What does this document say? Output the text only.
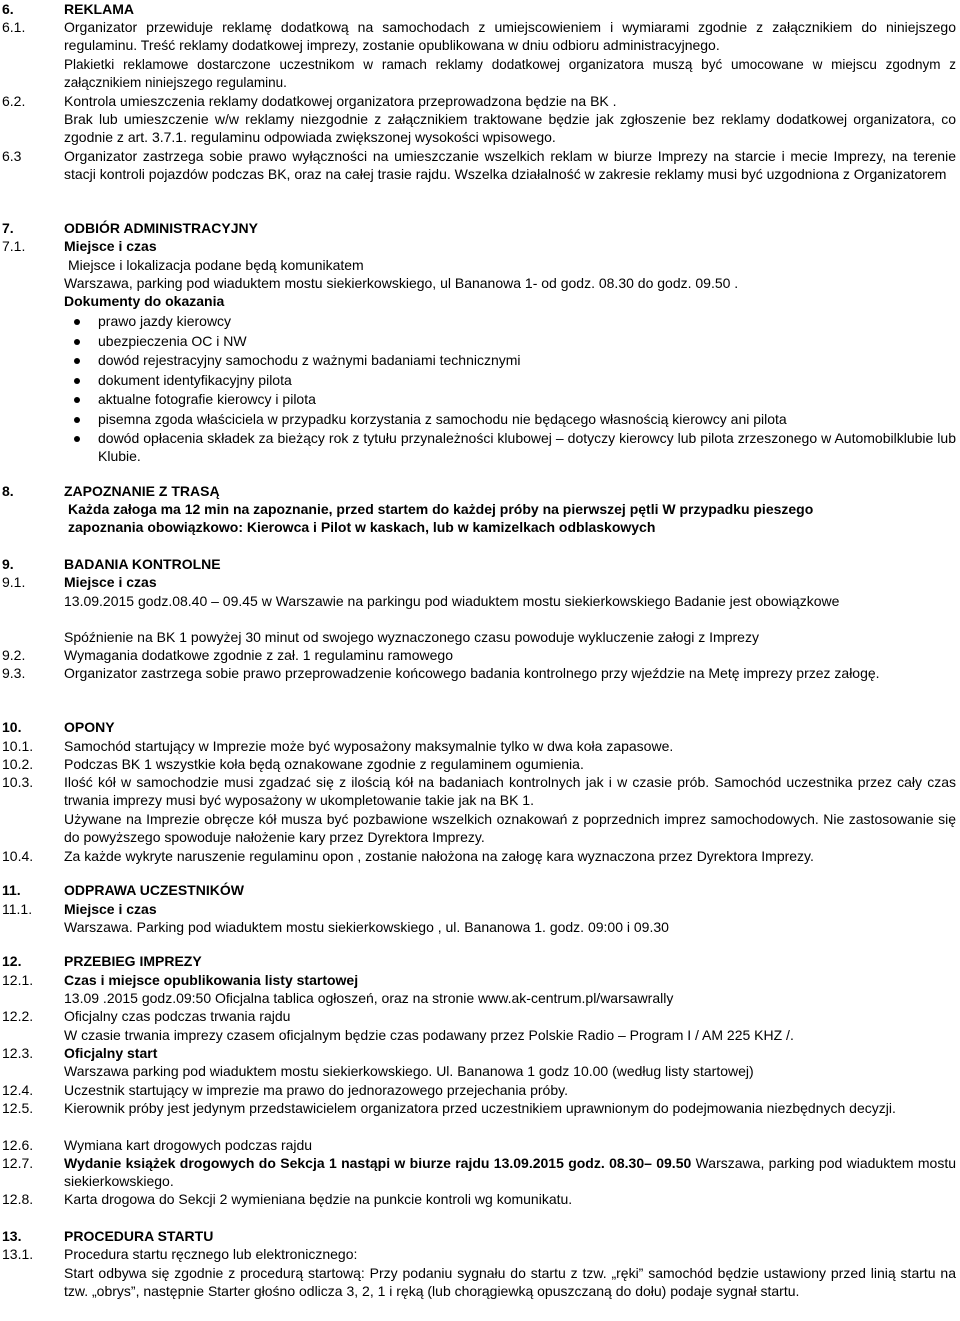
6.	REKLAMA
6.1.	Organizator przewiduje reklamę dodatkową na samochodach z umiejscowieniem i wymiarami zgodnie z załącznikiem do niniejszego regulaminu. Treść reklamy dodatkowej imprezy, zostanie opublikowana w dniu odbioru administracyjnego.
Plakietki reklamowe dostarczone uczestnikom w ramach reklamy dodatkowej organizatora muszą być umocowane w miejscu zgodnym z załącznikiem niniejszego regulaminu.
6.2.	Kontrola umieszczenia reklamy dodatkowej organizatora przeprowadzona będzie na BK .
Brak lub umieszczenie w/w reklamy niezgodnie z załącznikiem traktowane będzie jak zgłoszenie bez reklamy dodatkowej organizatora, co zgodnie z art. 3.7.1. regulaminu odpowiada zwiększonej wysokości wpisowego.
6.3	Organizator zastrzega sobie prawo wyłączności na umieszczanie wszelkich reklam w biurze Imprezy na starcie i mecie Imprezy, na terenie stacji kontroli pojazdów podczas BK, oraz na całej trasie rajdu. Wszelka działalność w zakresie reklamy musi być uzgodniona z Organizatorem
7.	ODBIÓR ADMINISTRACYJNY
7.1.	Miejsce i czas
Miejsce i lokalizacja podane będą komunikatem
Warszawa, parking pod wiaduktem mostu siekierkowskiego, ul Bananowa 1- od godz. 08.30 do godz. 09.50 .
Dokumenty do okazania
prawo jazdy kierowcy
ubezpieczenia OC i NW
dowód rejestracyjny samochodu z ważnymi badaniami technicznymi
dokument identyfikacyjny pilota
aktualne fotografie kierowcy i pilota
pisemna zgoda właściciela w przypadku korzystania z samochodu nie będącego własnością kierowcy ani pilota
dowód opłacenia składek za bieżący rok z tytułu przynależności klubowej – dotyczy kierowcy lub pilota zrzeszonego w Automobilklubie lub Klubie.
8.	ZAPOZNANIE Z TRASĄ
Każda załoga ma 12 min na zapoznanie, przed startem do każdej próby na pierwszej pętli W przypadku pieszego zapoznania obowiązkowo: Kierowca i Pilot w kaskach, lub w kamizelkach odblaskowych
9.	BADANIA KONTROLNE
9.1.	Miejsce i czas
13.09.2015 godz.08.40 – 09.45 w Warszawie na parkingu pod wiaduktem mostu siekierkowskiego Badanie jest obowiązkowe
Spóźnienie na BK 1 powyżej 30 minut od swojego wyznaczonego czasu powoduje wykluczenie załogi z Imprezy
9.2.	Wymagania dodatkowe zgodnie z zał. 1 regulaminu ramowego
9.3.	Organizator zastrzega sobie prawo przeprowadzenie końcowego badania kontrolnego przy wjeździe na Metę imprezy przez załogę.
10.	OPONY
10.1. Samochód startujący w Imprezie może być wyposażony maksymalnie tylko w dwa koła zapasowe.
10.2. Podczas BK 1 wszystkie koła będą oznakowane zgodnie z regulaminem ogumienia.
10.3. Ilość kół w samochodzie musi zgadzać się z ilością kół na badaniach kontrolnych jak i w czasie prób. Samochód uczestnika przez cały czas trwania imprezy musi być wyposażony w ukompletowanie takie jak na BK 1.
Używane na Imprezie obręcze kół musza być pozbawione wszelkich oznakowań z poprzednich imprez samochodowych. Nie zastosowanie się do powyższego spowoduje nałożenie kary przez Dyrektora Imprezy.
10.4. Za każde wykryte naruszenie regulaminu opon , zostanie nałożona na załogę kara wyznaczona przez Dyrektora Imprezy.
11.	ODPRAWA UCZESTNIKÓW
11.1. Miejsce i czas
Warszawa. Parking pod wiaduktem mostu siekierkowskiego , ul. Bananowa 1. godz. 09:00 i 09.30
12.	PRZEBIEG IMPREZY
12.1. Czas i miejsce opublikowania listy startowej
13.09 .2015 godz.09:50 Oficjalna tablica ogłoszeń, oraz na stronie www.ak-centrum.pl/warsawrally
12.2. Oficjalny czas podczas trwania rajdu
W czasie trwania imprezy czasem oficjalnym będzie czas podawany przez Polskie Radio – Program I / AM 225 KHZ /.
12.3. Oficjalny start
Warszawa parking pod wiaduktem mostu siekierkowskiego. Ul. Bananowa 1 godz 10.00 (według listy startowej)
12.4. Uczestnik startujący w imprezie ma prawo do jednorazowego przejechania próby.
12.5. Kierownik próby jest jedynym przedstawicielem organizatora przed uczestnikiem uprawnionym do podejmowania niezbędnych decyzji.
12.6. Wymiana kart drogowych podczas rajdu
12.7. Wydanie książek drogowych do Sekcja 1 nastąpi w biurze rajdu 13.09.2015 godz. 08.30– 09.50 Warszawa, parking pod wiaduktem mostu siekierkowskiego.
12.8. Karta drogowa do Sekcji 2 wymieniana będzie na punkcie kontroli wg komunikatu.
13.	PROCEDURA STARTU
13.1. Procedura startu ręcznego lub elektronicznego:
Start odbywa się zgodnie z procedurą startową: Przy podaniu sygnału do startu z tzw. „ręki” samochód będzie ustawiony przed linią startu na tzw. „obrys”, następnie Starter głośno odlicza 3, 2, 1 i ręką (lub chorągiewką opuszczaną do dołu) podaje sygnał startu.
